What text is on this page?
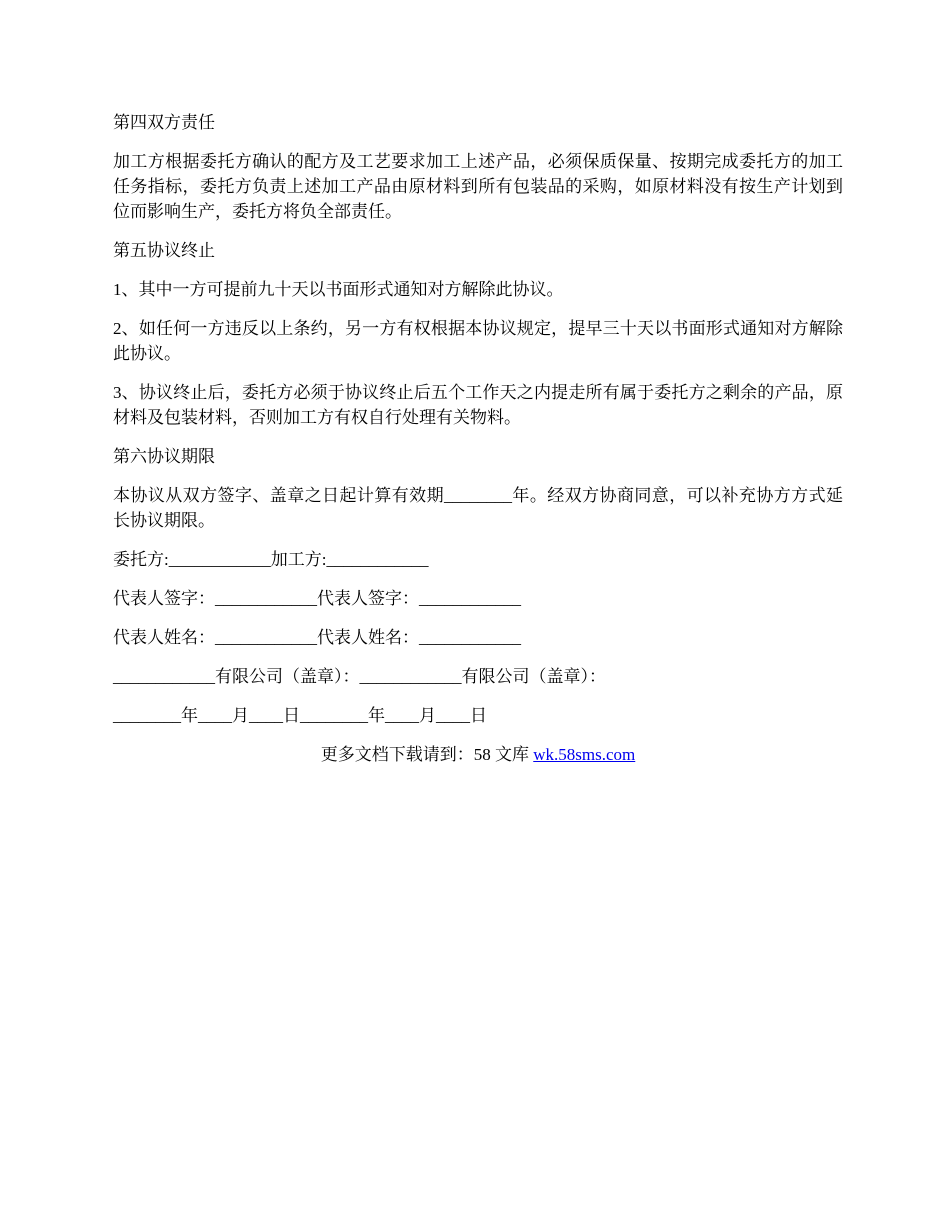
第四双方责任
加工方根据委托方确认的配方及工艺要求加工上述产品，必须保质保量、按期完成委托方的加工任务指标，委托方负责上述加工产品由原材料到所有包装品的采购，如原材料没有按生产计划到位而影响生产，委托方将负全部责任。
第五协议终止
1、其中一方可提前九十天以书面形式通知对方解除此协议。
2、如任何一方违反以上条约，另一方有权根据本协议规定，提早三十天以书面形式通知对方解除此协议。
3、协议终止后，委托方必须于协议终止后五个工作天之内提走所有属于委托方之剩余的产品，原材料及包装材料，否则加工方有权自行处理有关物料。
第六协议期限
本协议从双方签字、盖章之日起计算有效期________年。经双方协商同意，可以补充协方方式延长协议期限。
委托方:____________加工方:____________
代表人签字：____________代表人签字：____________
代表人姓名：____________代表人姓名：____________
____________有限公司（盖章）：____________有限公司（盖章）：
________年____月____日________年____月____日
更多文档下载请到：58 文库 wk.58sms.com
